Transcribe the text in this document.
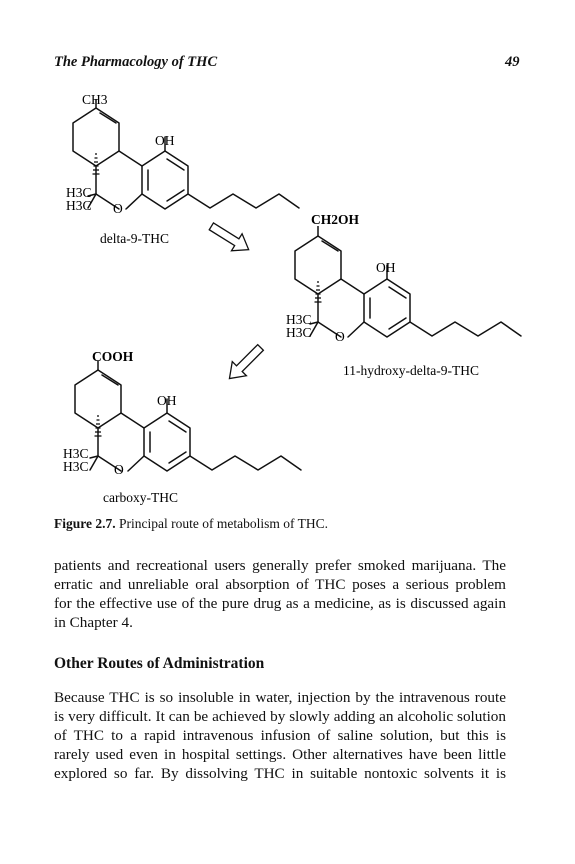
The Pharmacology of THC	49
CH3
OH
O
H3C
H3C
delta-9-THC
CH2OH
OH
O
H3C
H3C
11-hydroxy-delta-9-THC
COOH
OH
O
H3C
H3C
carboxy-THC
Figure 2.7. Principal route of metabolism of THC.
patients and recreational users generally prefer smoked marijuana. The
erratic and unreliable oral absorption of THC poses a serious problem
for the effective use of the pure drug as a medicine, as is discussed again
in Chapter 4.
Other Routes of Administration
Because THC is so insoluble in water, injection by the intravenous route
is very difficult. It can be achieved by slowly adding an alcoholic solution
of THC to a rapid intravenous infusion of saline solution, but this is
rarely used even in hospital settings. Other alternatives have been little
explored so far. By dissolving THC in suitable nontoxic solvents it is
